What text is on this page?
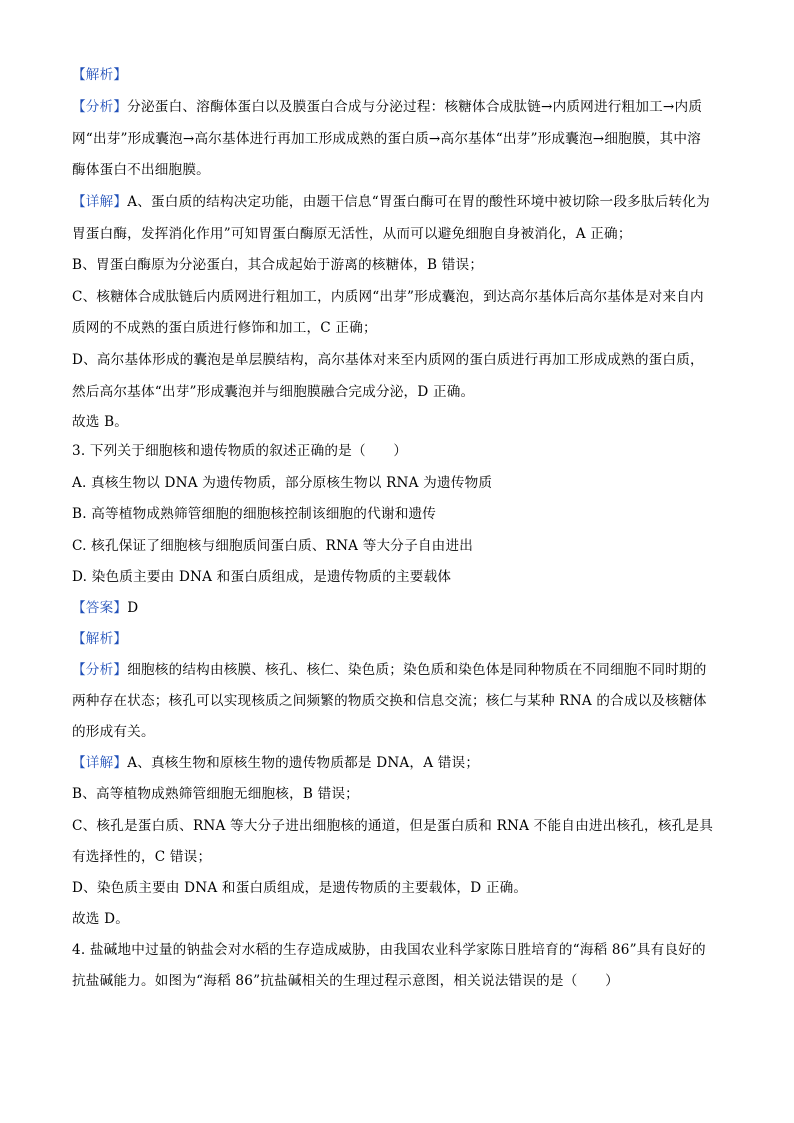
【解析】
【分析】分泌蛋白、溶酶体蛋白以及膜蛋白合成与分泌过程：核糖体合成肽链→内质网进行粗加工→内质
网“出芽”形成囊泡→高尔基体进行再加工形成成熟的蛋白质→高尔基体“出芽”形成囊泡→细胞膜，其中溶
酶体蛋白不出细胞膜。
【详解】A、蛋白质的结构决定功能，由题干信息“胃蛋白酶可在胃的酸性环境中被切除一段多肽后转化为
胃蛋白酶，发挥消化作用”可知胃蛋白酶原无活性，从而可以避免细胞自身被消化，A 正确；
B、胃蛋白酶原为分泌蛋白，其合成起始于游离的核糖体，B 错误；
C、核糖体合成肽链后内质网进行粗加工，内质网“出芽”形成囊泡，到达高尔基体后高尔基体是对来自内
质网的不成熟的蛋白质进行修饰和加工，C 正确；
D、高尔基体形成的囊泡是单层膜结构，高尔基体对来至内质网的蛋白质进行再加工形成成熟的蛋白质，
然后高尔基体“出芽”形成囊泡并与细胞膜融合完成分泌，D 正确。
故选 B。
3. 下列关于细胞核和遗传物质的叙述正确的是（　　）
A. 真核生物以 DNA 为遗传物质，部分原核生物以 RNA 为遗传物质
B. 高等植物成熟筛管细胞的细胞核控制该细胞的代谢和遗传
C. 核孔保证了细胞核与细胞质间蛋白质、RNA 等大分子自由进出
D. 染色质主要由 DNA 和蛋白质组成，是遗传物质的主要载体
【答案】D
【解析】
【分析】细胞核的结构由核膜、核孔、核仁、染色质；染色质和染色体是同种物质在不同细胞不同时期的
两种存在状态；核孔可以实现核质之间频繁的物质交换和信息交流；核仁与某种 RNA 的合成以及核糖体
的形成有关。
【详解】A、真核生物和原核生物的遗传物质都是 DNA，A 错误；
B、高等植物成熟筛管细胞无细胞核，B 错误；
C、核孔是蛋白质、RNA 等大分子进出细胞核的通道，但是蛋白质和 RNA 不能自由进出核孔，核孔是具
有选择性的，C 错误；
D、染色质主要由 DNA 和蛋白质组成，是遗传物质的主要载体，D 正确。
故选 D。
4. 盐碱地中过量的钠盐会对水稻的生存造成威胁，由我国农业科学家陈日胜培育的“海稻 86”具有良好的
抗盐碱能力。如图为“海稻 86”抗盐碱相关的生理过程示意图，相关说法错误的是（　　）
